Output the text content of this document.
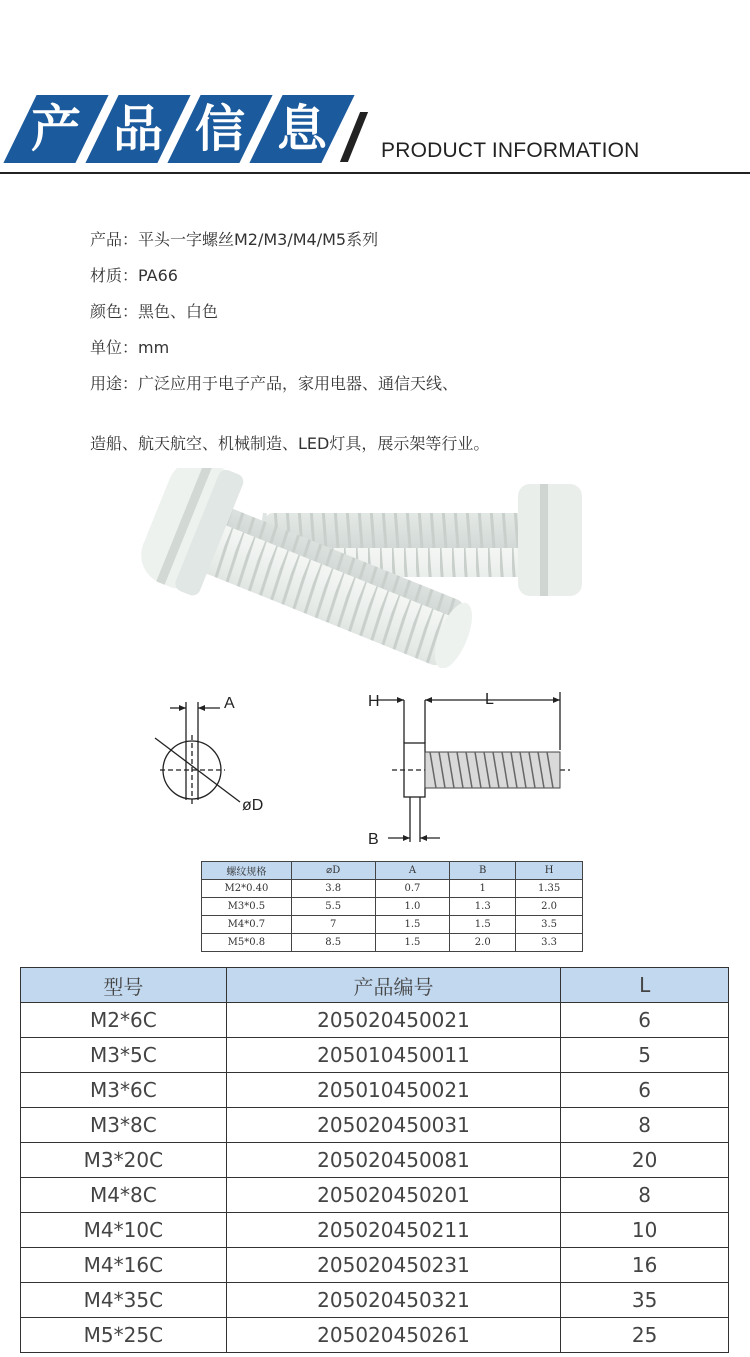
产 品 信 息	PRODUCT INFORMATION
产品：平头一字螺丝M2/M3/M4/M5系列
材质：PA66
颜色：黑色、白色
单位：mm
用途：广泛应用于电子产品，家用电器、通信天线、
造船、航天航空、机械制造、LED灯具，展示架等行业。
A
øD
H	L
B
螺纹规格	⌀D	A	B	H
M2*0.40	3.8	0.7	1	1.35
M3*0.5	5.5	1.0	1.3	2.0
M4*0.7	7	1.5	1.5	3.5
M5*0.8	8.5	1.5	2.0	3.3
型号	产品编号	L
M2*6C	205020450021	6
M3*5C	205010450011	5
M3*6C	205010450021	6
M3*8C	205020450031	8
M3*20C	205020450081	20
M4*8C	205020450201	8
M4*10C	205020450211	10
M4*16C	205020450231	16
M4*35C	205020450321	35
M5*25C	205020450261	25
